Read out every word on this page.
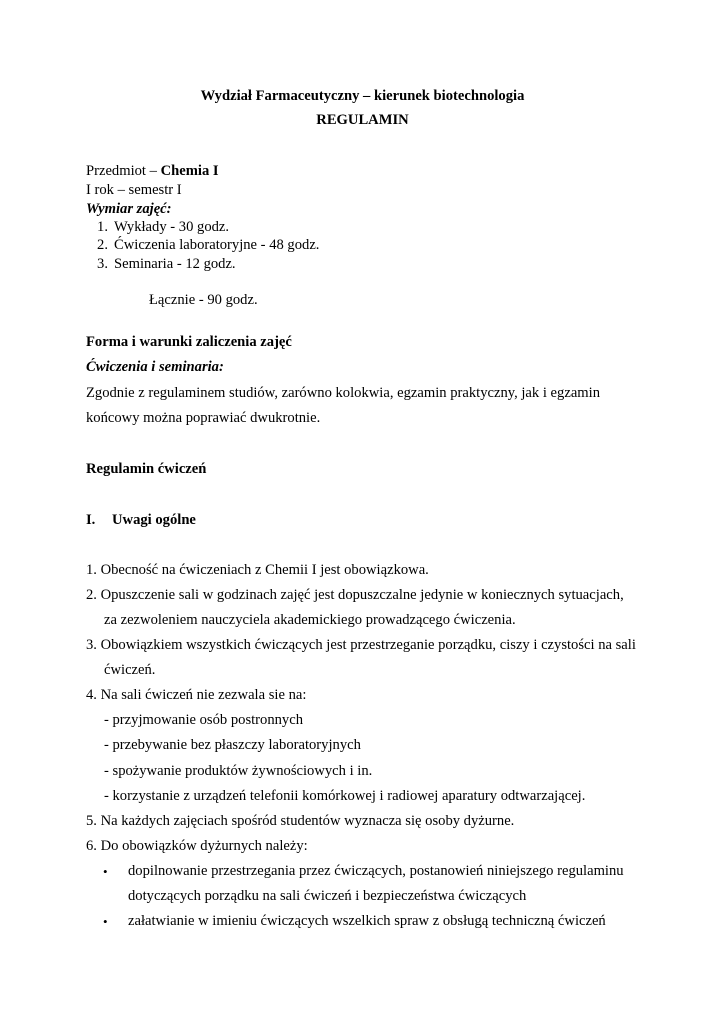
Wydział Farmaceutyczny – kierunek biotechnologia
REGULAMIN
Przedmiot – Chemia I
I rok – semestr I
Wymiar zajęć:
1. Wykłady - 30 godz.
2. Ćwiczenia laboratoryjne - 48 godz.
3. Seminaria - 12 godz.
Łącznie - 90 godz.
Forma i warunki zaliczenia zajęć
Ćwiczenia i seminaria:
Zgodnie z regulaminem studiów, zarówno kolokwia, egzamin praktyczny, jak i egzamin
końcowy można poprawiać dwukrotnie.
Regulamin ćwiczeń
I. Uwagi ogólne
1. Obecność na ćwiczeniach z Chemii I jest obowiązkowa.
2. Opuszczenie sali w godzinach zajęć jest dopuszczalne jedynie w koniecznych sytuacjach,
za zezwoleniem nauczyciela akademickiego prowadzącego ćwiczenia.
3. Obowiązkiem wszystkich ćwiczących jest przestrzeganie porządku, ciszy i czystości na sali
ćwiczeń.
4. Na sali ćwiczeń nie zezwala sie na:
- przyjmowanie osób postronnych
- przebywanie bez płaszczy laboratoryjnych
- spożywanie produktów żywnościowych i in.
- korzystanie z urządzeń telefonii komórkowej i radiowej aparatury odtwarzającej.
5. Na każdych zajęciach spośród studentów wyznacza się osoby dyżurne.
6. Do obowiązków dyżurnych należy:
• dopilnowanie przestrzegania przez ćwiczących, postanowień niniejszego regulaminu
dotyczących porządku na sali ćwiczeń i bezpieczeństwa ćwiczących
• załatwianie w imieniu ćwiczących wszelkich spraw z obsługą techniczną ćwiczeń
